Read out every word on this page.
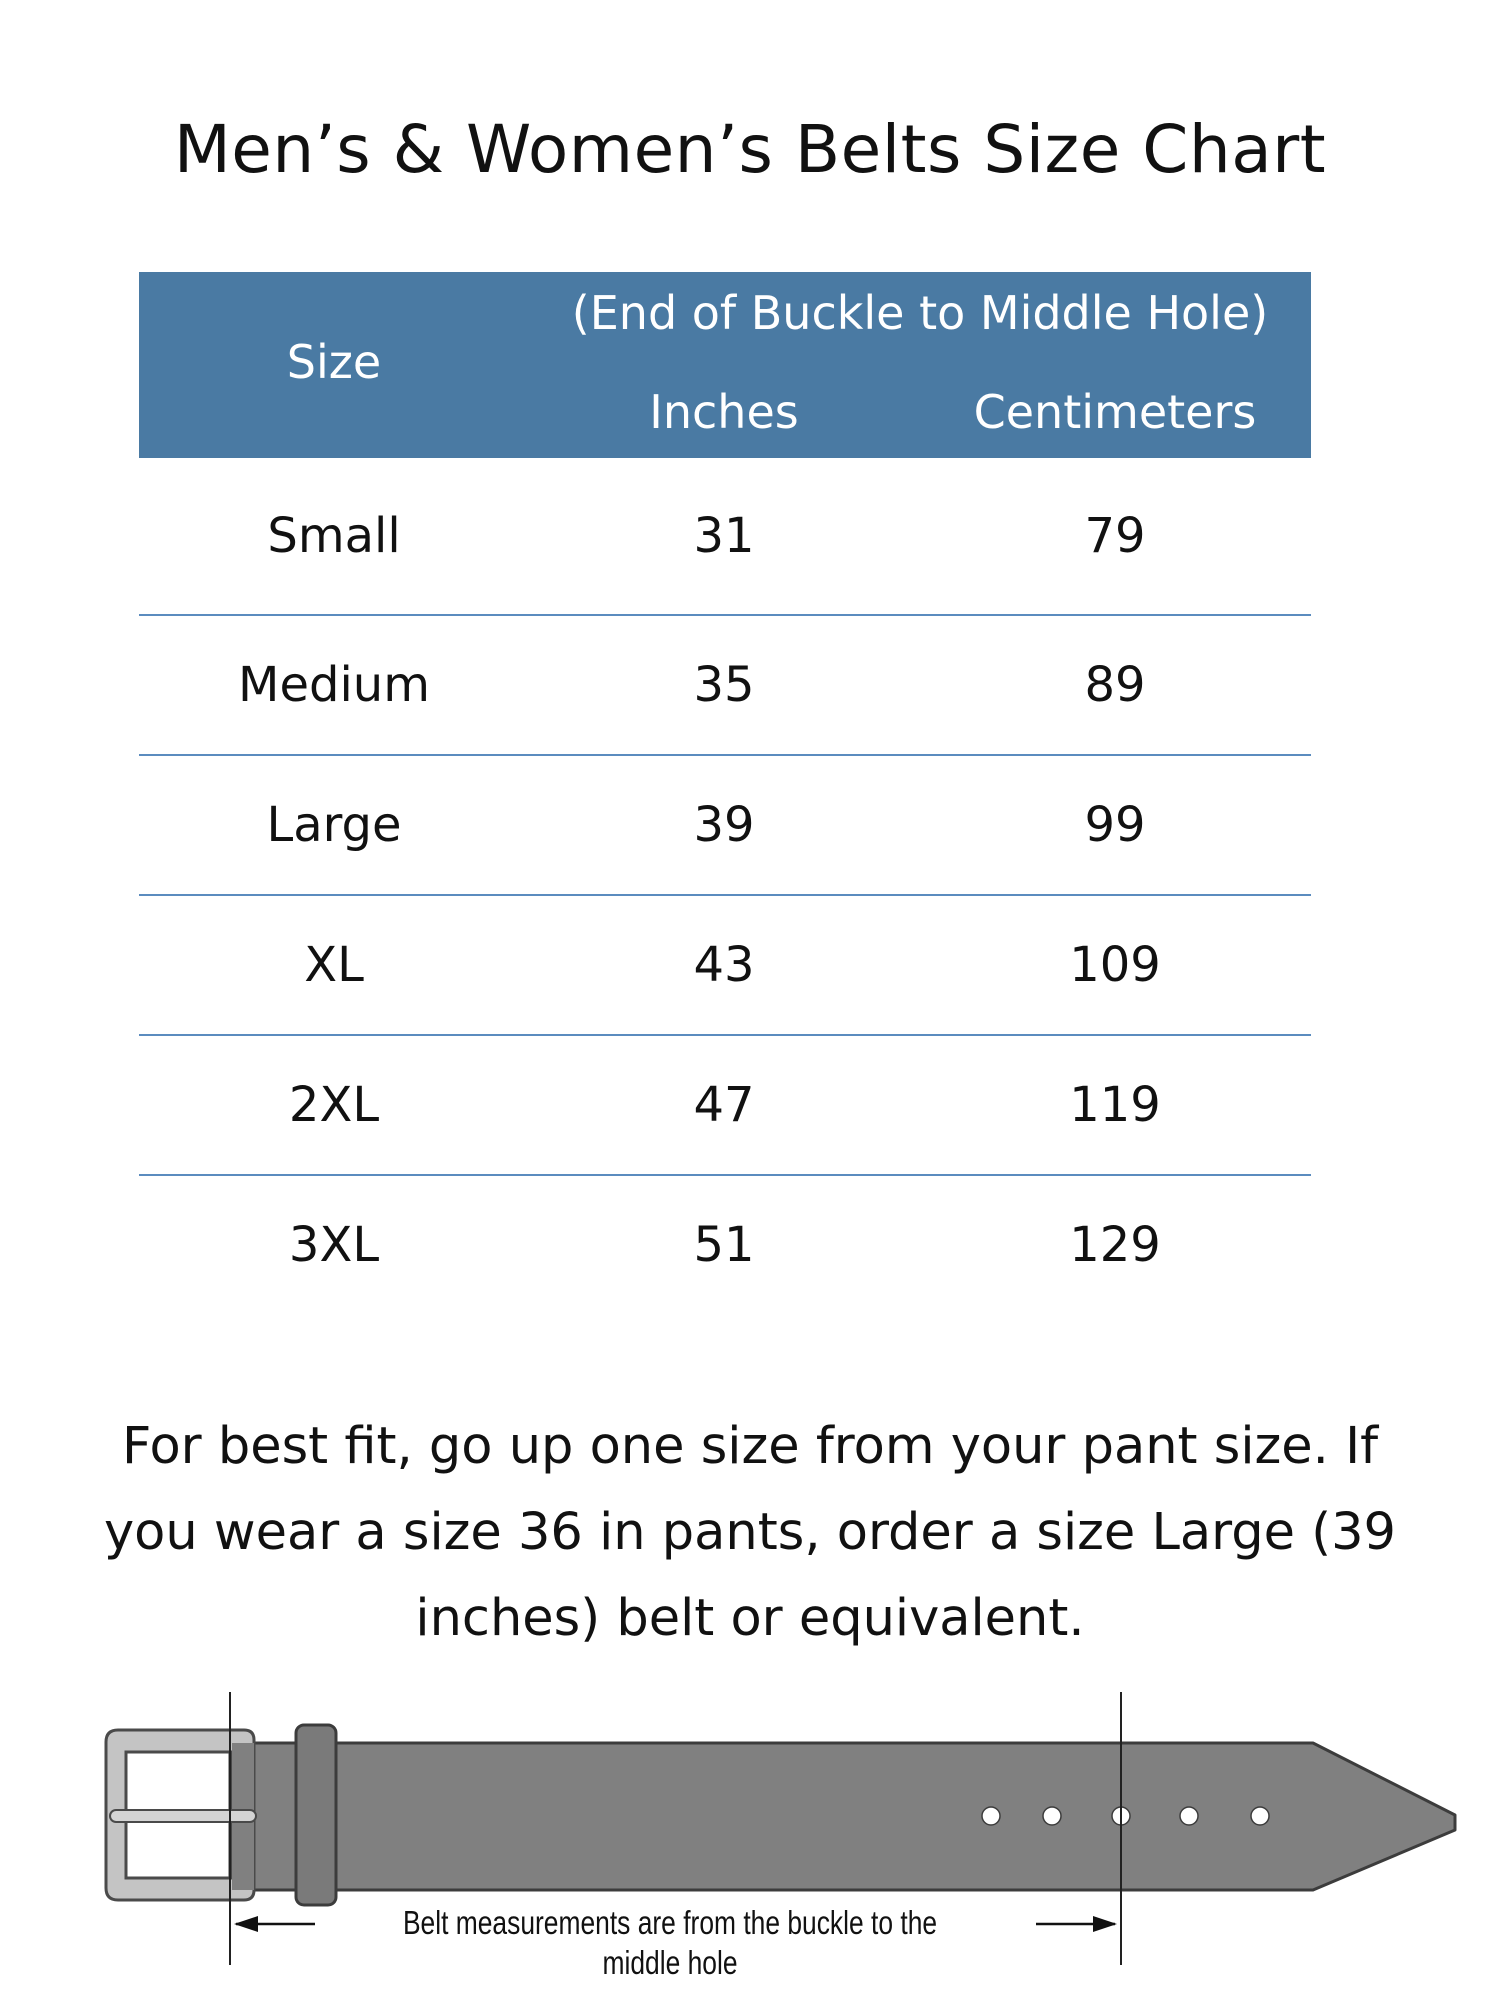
Men’s & Women’s Belts Size Chart
Size
(End of Buckle to Middle Hole)
Inches	Centimeters
Small	31	79
Medium	35	89
Large	39	99
XL	43	109
2XL	47	119
3XL	51	129
For best fit, go up one size from your pant size. If you wear a size 36 in pants, order a size Large (39 inches) belt or equivalent.
Belt measurements are from the buckle to the middle hole
